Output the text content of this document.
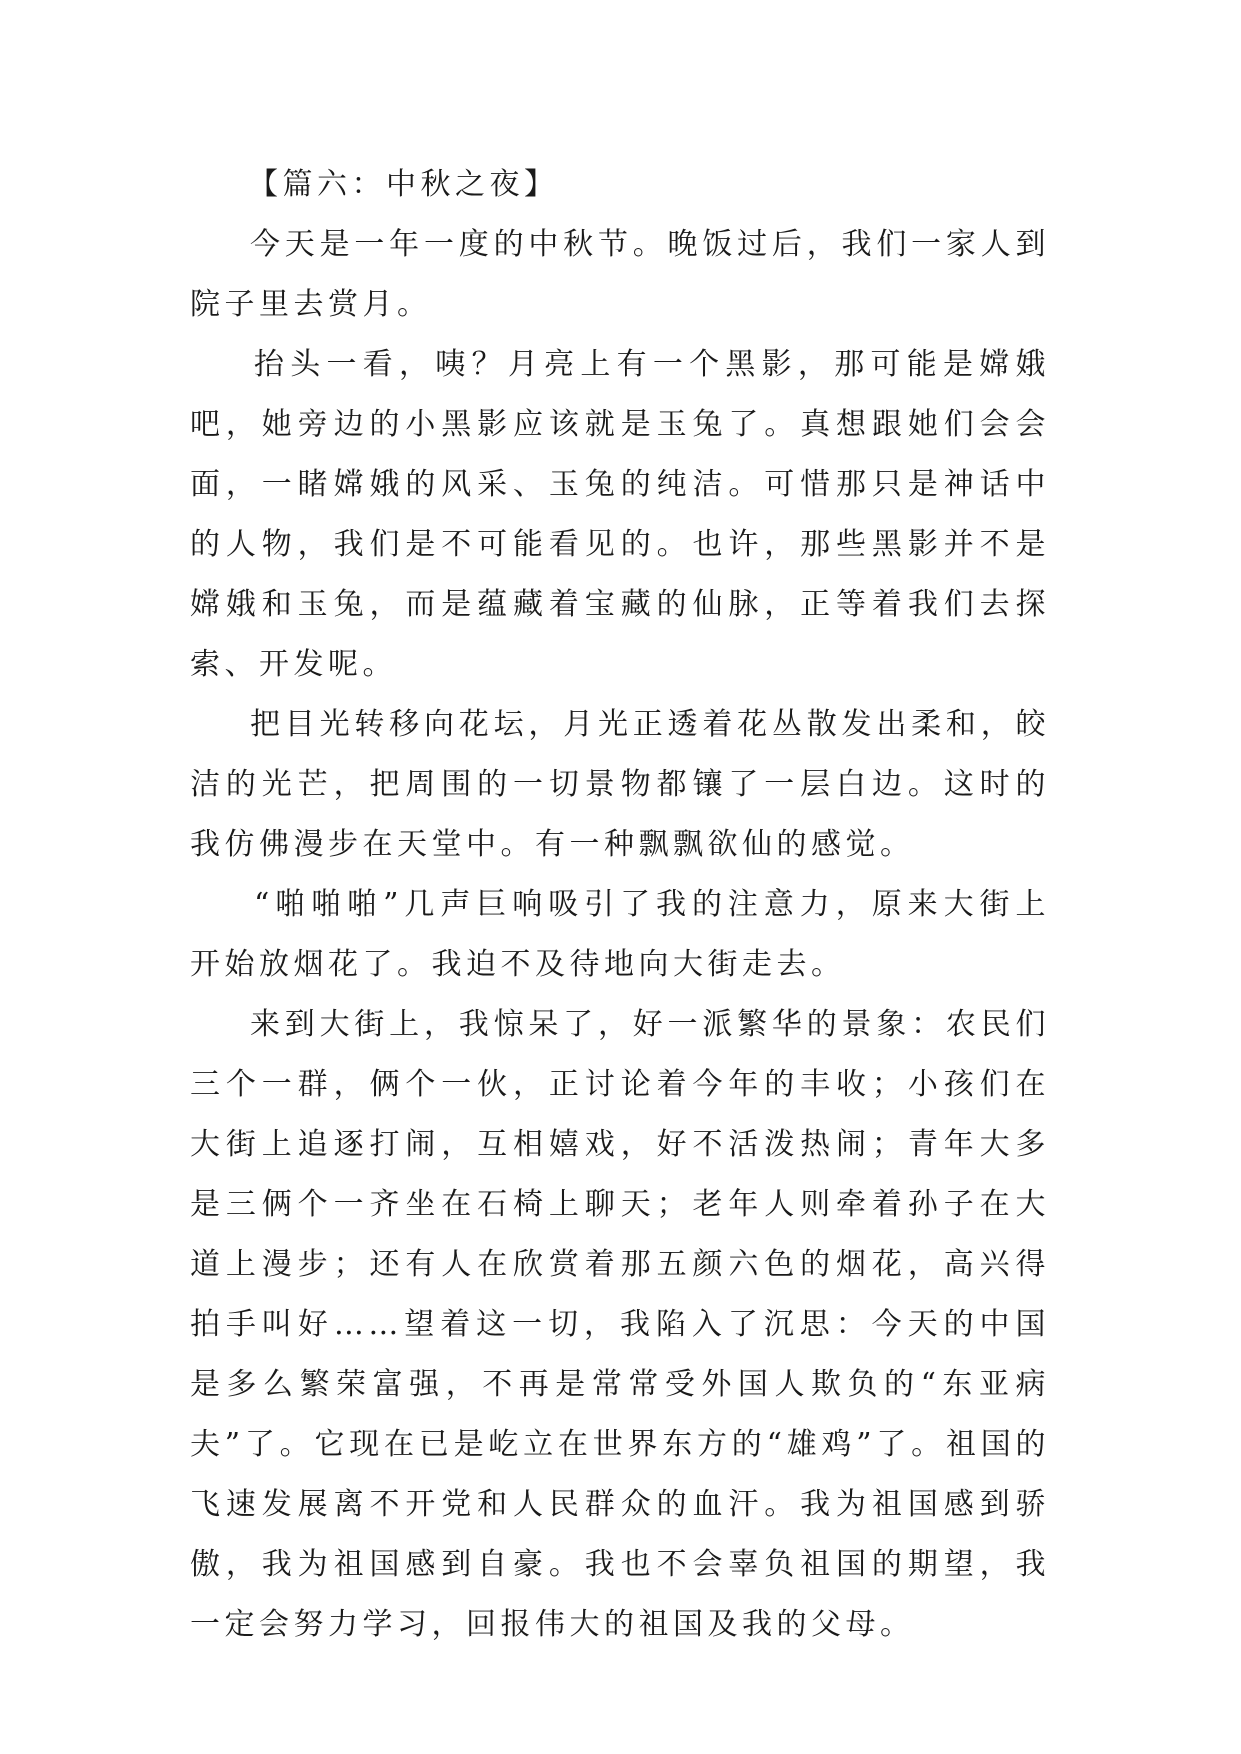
【篇六：中秋之夜】

今天是一年一度的中秋节。晚饭过后，我们一家人到院子里去赏月。

抬头一看，咦？月亮上有一个黑影，那可能是嫦娥吧，她旁边的小黑影应该就是玉兔了。真想跟她们会会面，一睹嫦娥的风采、玉兔的纯洁。可惜那只是神话中的人物，我们是不可能看见的。也许，那些黑影并不是嫦娥和玉兔，而是蕴藏着宝藏的仙脉，正等着我们去探索、开发呢。

把目光转移向花坛，月光正透着花丛散发出柔和，皎洁的光芒，把周围的一切景物都镶了一层白边。这时的我仿佛漫步在天堂中。有一种飘飘欲仙的感觉。

“啪啪啪”几声巨响吸引了我的注意力，原来大街上开始放烟花了。我迫不及待地向大街走去。

来到大街上，我惊呆了，好一派繁华的景象：农民们三个一群，俩个一伙，正讨论着今年的丰收；小孩们在大街上追逐打闹，互相嬉戏，好不活泼热闹；青年大多是三俩个一齐坐在石椅上聊天；老年人则牵着孙子在大道上漫步；还有人在欣赏着那五颜六色的烟花，高兴得拍手叫好……望着这一切，我陷入了沉思：今天的中国是多么繁荣富强，不再是常常受外国人欺负的“东亚病夫”了。它现在已是屹立在世界东方的“雄鸡”了。祖国的飞速发展离不开党和人民群众的血汗。我为祖国感到骄傲，我为祖国感到自豪。我也不会辜负祖国的期望，我一定会努力学习，回报伟大的祖国及我的父母。
